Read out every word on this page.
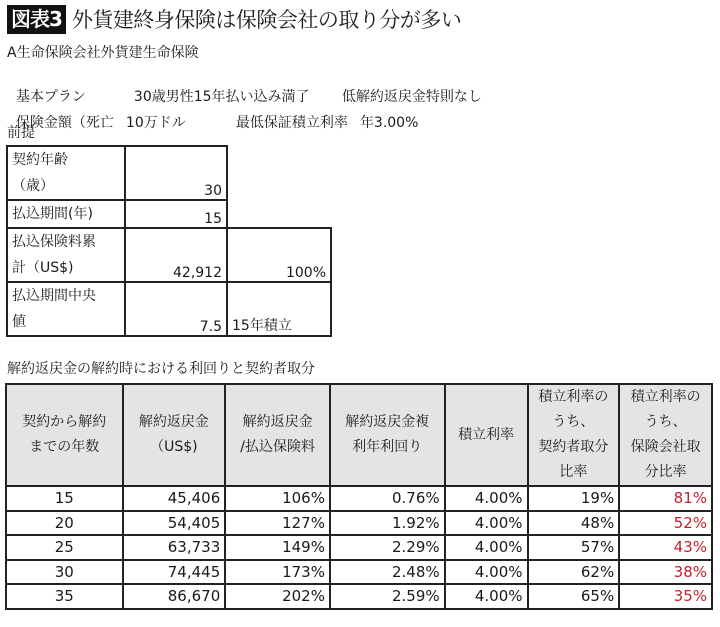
図表3 外貨建終身保険は保険会社の取り分が多い
A生命保険会社外貨建生命保険

基本プラン	30歳男性15年払い込み満了 低解約返戻金特則なし

保険金額（死亡 10万ドル	最低保証積立利率 年3.00%

前提
契約年齢
（歳）	30	
払込期間(年)	15	

払込保険料累
計（US$)	42,912	100%

払込期間中央
値	7.5	15年積立
解約返戻金の解約時における利回りと契約者取分
契約から解約
までの年数

解約返戻金
（US$)

解約返戻金
/払込保険料

解約返戻金複
利年利回り

積立利率

積立利率の
うち、
契約者取分
比率

積立利率の
うち、
保険会社取
分比率

15	45,406	106%	0.76%	4.00%	19%	81%
20	54,405	127%	1.92%	4.00%	48%	52%
25	63,733	149%	2.29%	4.00%	57%	43%
30	74,445	173%	2.48%	4.00%	62%	38%
35	86,670	202%	2.59%	4.00%	65%	35%
